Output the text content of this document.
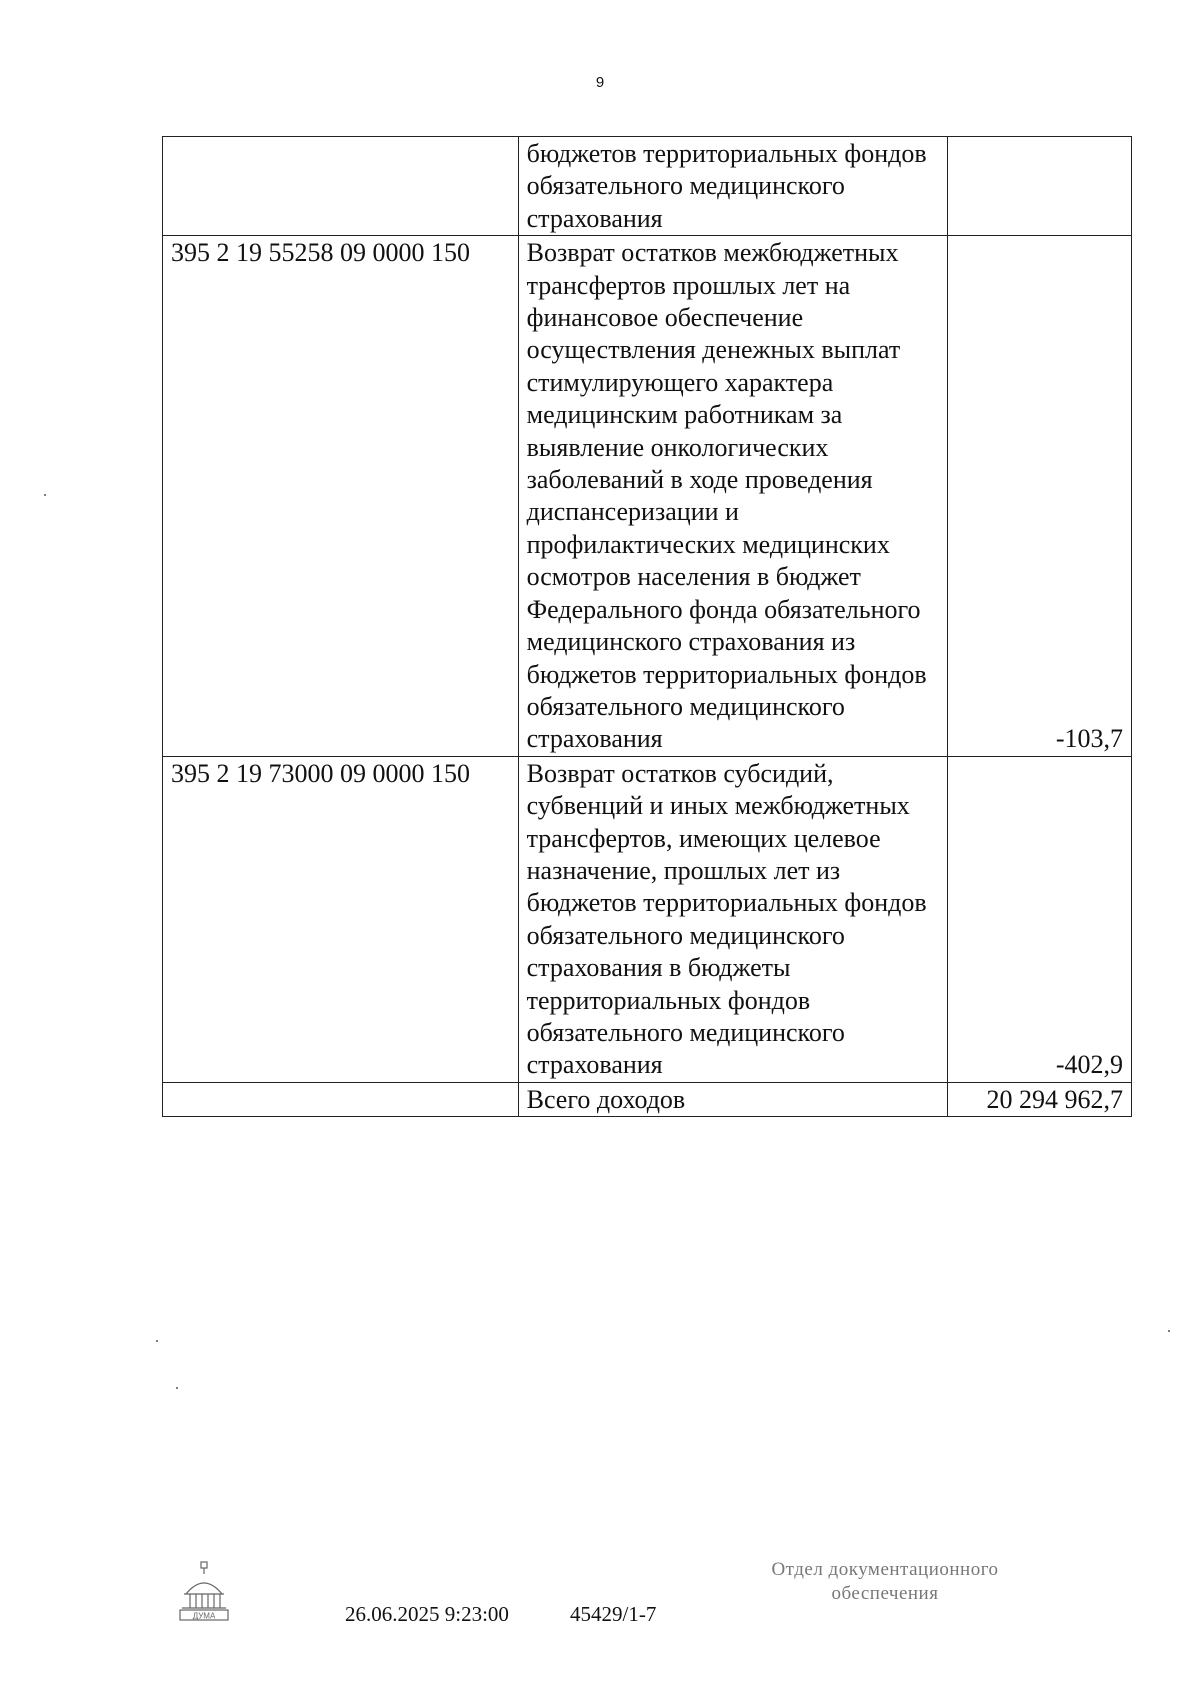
9
	бюджетов территориальных фондов обязательного медицинского страхования	
395 2 19 55258 09 0000 150	Возврат остатков межбюджетных трансфертов прошлых лет на финансовое обеспечение осуществления денежных выплат стимулирующего характера медицинским работникам за выявление онкологических заболеваний в ходе проведения диспансеризации и профилактических медицинских осмотров населения в бюджет Федерального фонда обязательного медицинского страхования из бюджетов территориальных фондов обязательного медицинского страхования	-103,7
395 2 19 73000 09 0000 150	Возврат остатков субсидий, субвенций и иных межбюджетных трансфертов, имеющих целевое назначение, прошлых лет из бюджетов территориальных фондов обязательного медицинского страхования в бюджеты территориальных фондов обязательного медицинского страхования	-402,9
	Всего доходов	20 294 962,7
ДУМА	26.06.2025 9:23:00	45429/1-7
Отдел документационного
обеспечения
